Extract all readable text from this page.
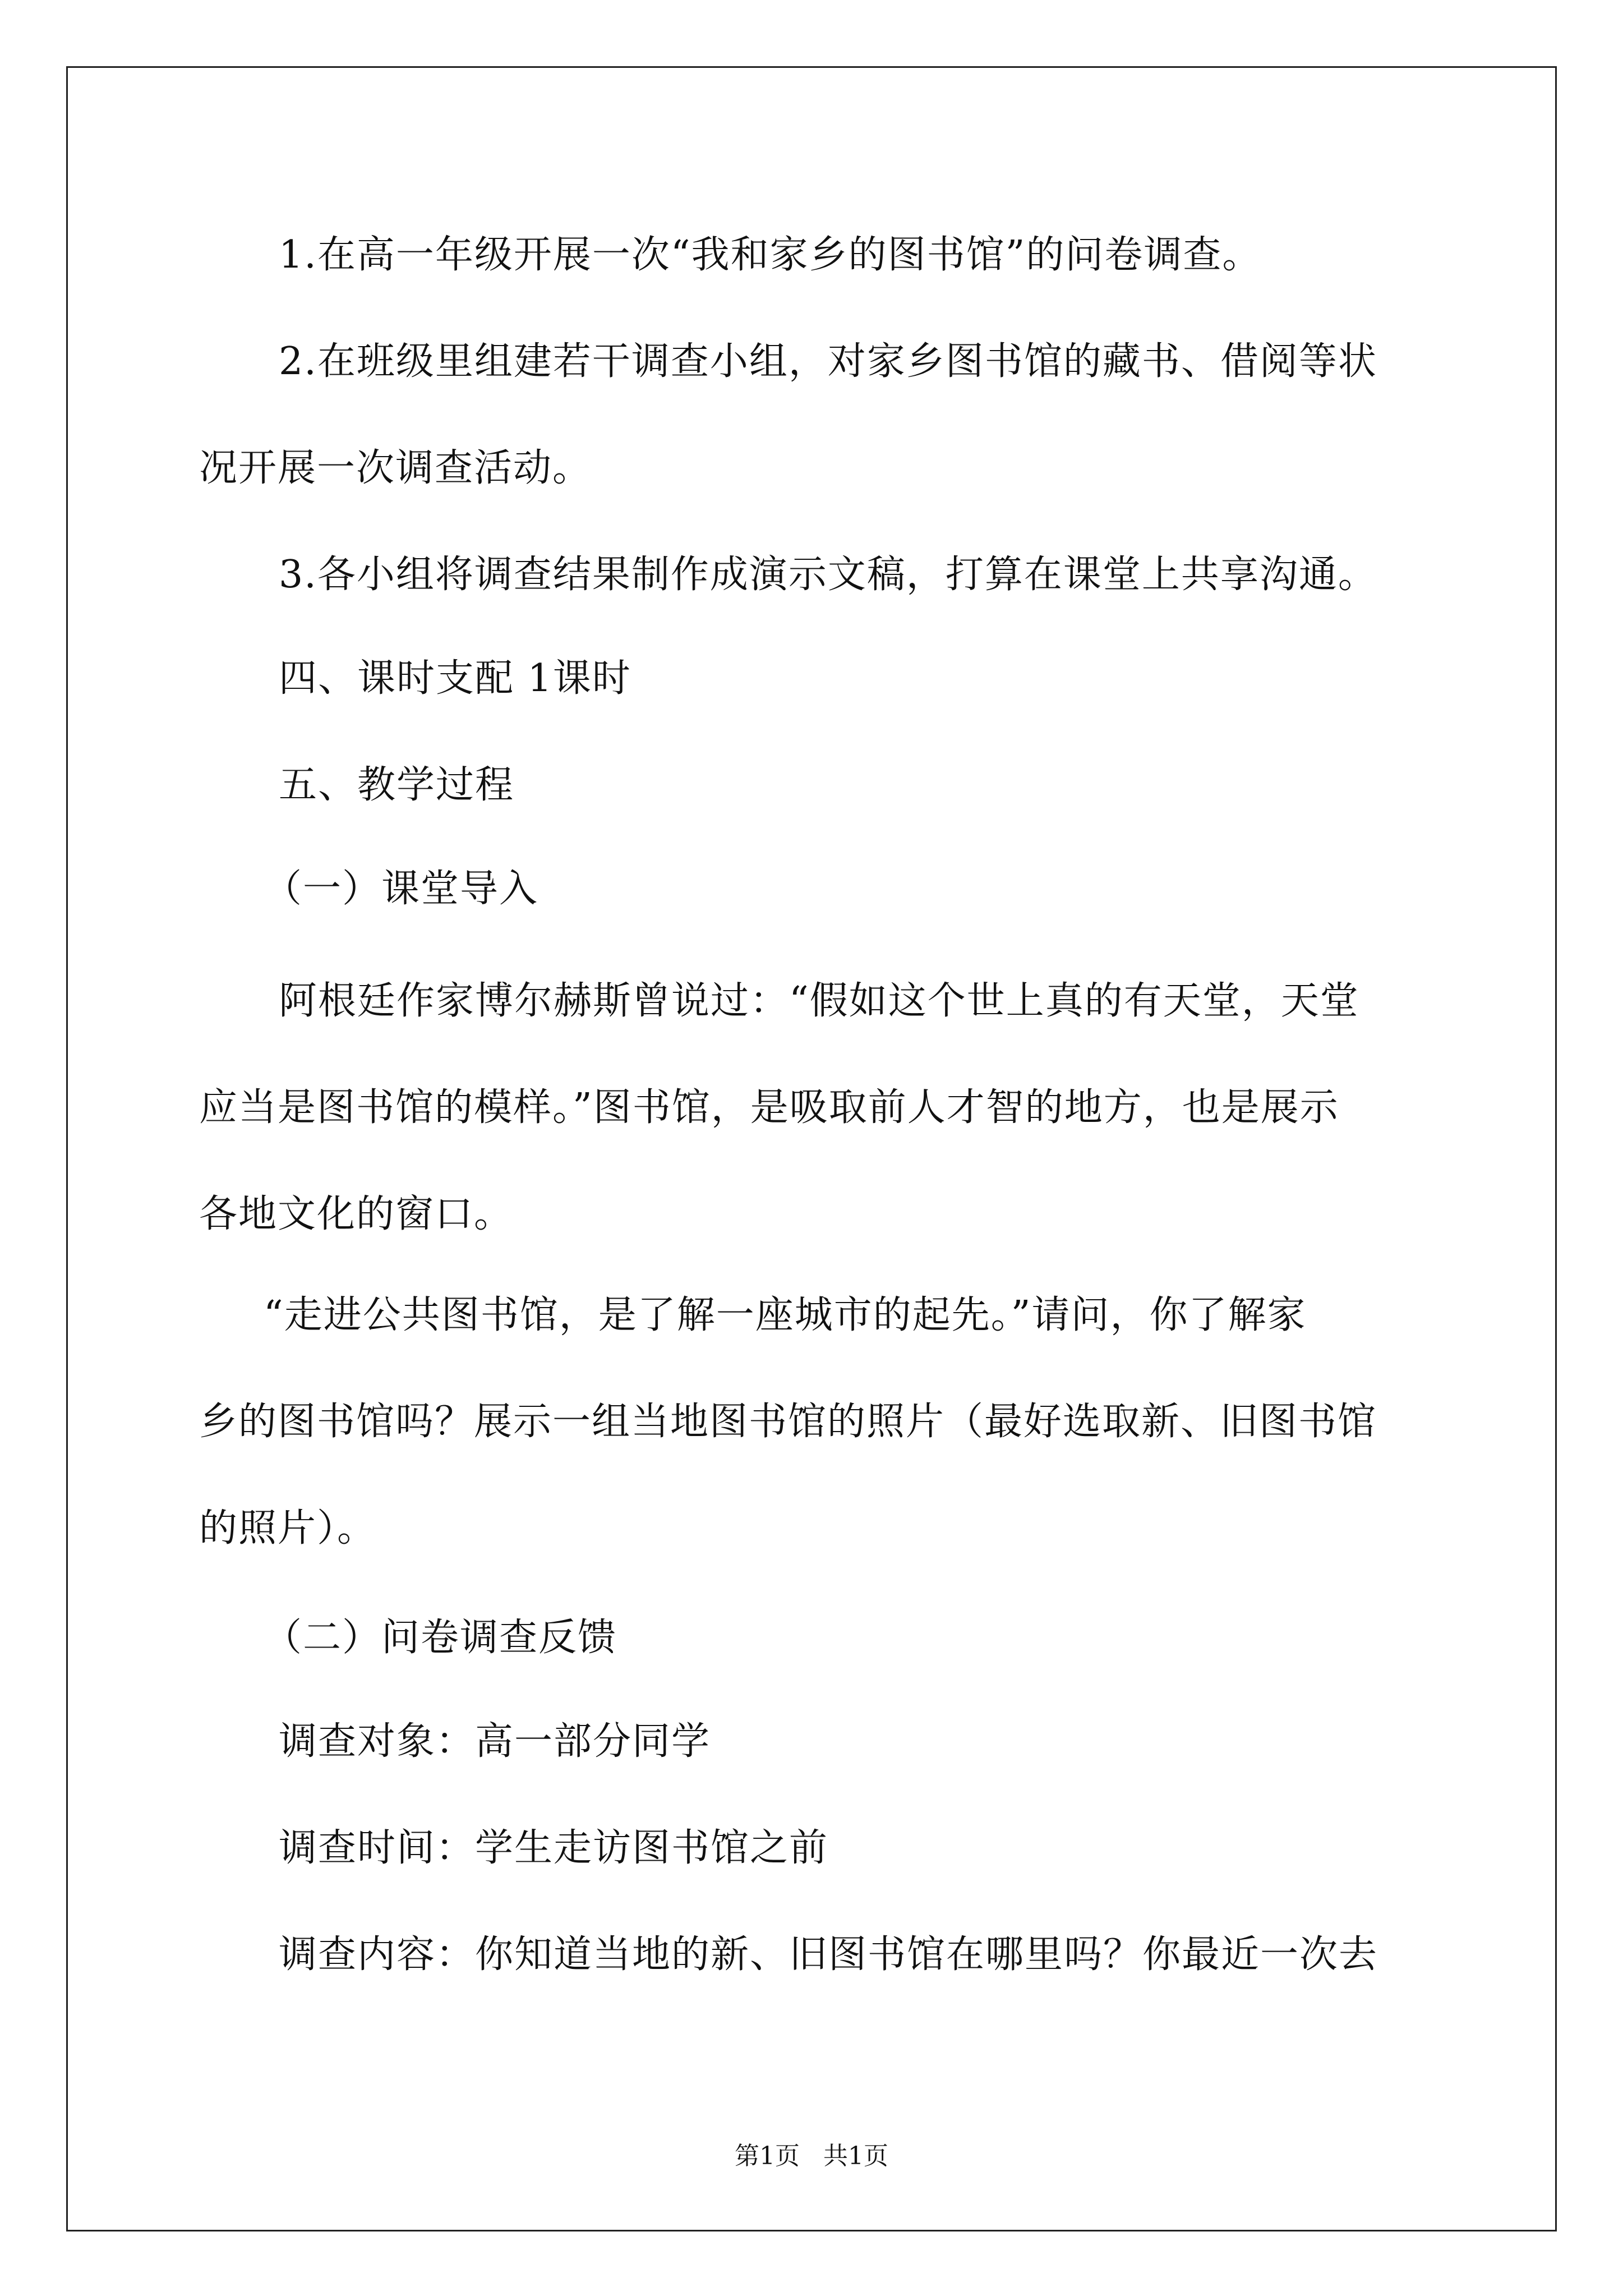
1.在高一年级开展一次“我和家乡的图书馆”的问卷调查。
2.在班级里组建若干调查小组，对家乡图书馆的藏书、借阅等状
况开展一次调查活动。
3.各小组将调查结果制作成演示文稿，打算在课堂上共享沟通。
四、课时支配 1课时
五、教学过程
（一）课堂导入
阿根廷作家博尔赫斯曾说过：“假如这个世上真的有天堂，天堂
应当是图书馆的模样。”图书馆，是吸取前人才智的地方，也是展示
各地文化的窗口。
“走进公共图书馆，是了解一座城市的起先。”请问，你了解家
乡的图书馆吗？展示一组当地图书馆的照片（最好选取新、旧图书馆
的照片）。
（二）问卷调查反馈
调查对象：高一部分同学
调查时间：学生走访图书馆之前
调查内容：你知道当地的新、旧图书馆在哪里吗？你最近一次去
第1页   共1页
